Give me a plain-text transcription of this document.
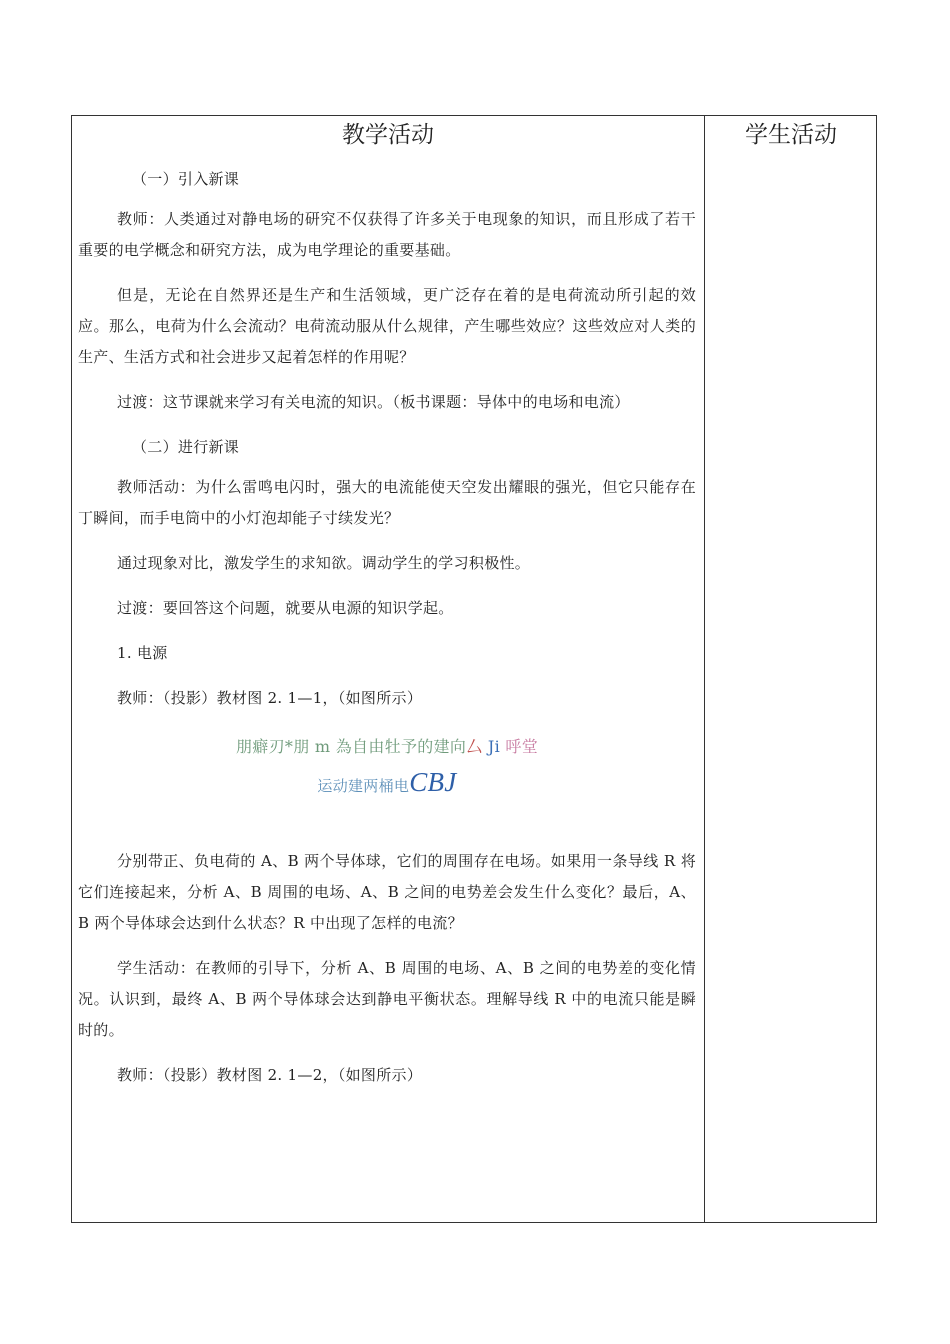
教学活动	学生活动

（一）引入新课

教师：人类通过对静电场的研究不仅获得了许多关于电现象的知识，而且形成了若干重要的电学概念和研究方法，成为电学理论的重要基础。

但是，无论在自然界还是生产和生活领域，更广泛存在着的是电荷流动所引起的效应。那么，电荷为什么会流动？电荷流动服从什么规律，产生哪些效应？这些效应对人类的生产、生活方式和社会进步又起着怎样的作用呢？

过渡：这节课就来学习有关电流的知识。（板书课题：导体中的电场和电流）

（二）进行新课

教师活动：为什么雷鸣电闪时，强大的电流能使天空发出耀眼的强光，但它只能存在丁瞬间，而手电筒中的小灯泡却能子寸续发光？

通过现象对比，激发学生的求知欲。调动学生的学习积极性。

过渡：要回答这个问题，就要从电源的知识学起。

1. 电源

教师：（投影）教材图 2. 1—1，（如图所示）

朋癖刃*朋 m 為自由牡予的建向厶 Ji 呼堂
运动建两桶电CBJ

分别带正、负电荷的 A、B 两个导体球，它们的周围存在电场。如果用一条导线 R 将它们连接起来，分析 A、B 周围的电场、A、B 之间的电势差会发生什么变化？最后，A、B 两个导体球会达到什么状态？R 中出现了怎样的电流？

学生活动：在教师的引导下，分析 A、B 周围的电场、A、B 之间的电势差的变化情况。认识到，最终 A、B 两个导体球会达到静电平衡状态。理解导线 R 中的电流只能是瞬时的。

教师：（投影）教材图 2. 1—2，（如图所示）
